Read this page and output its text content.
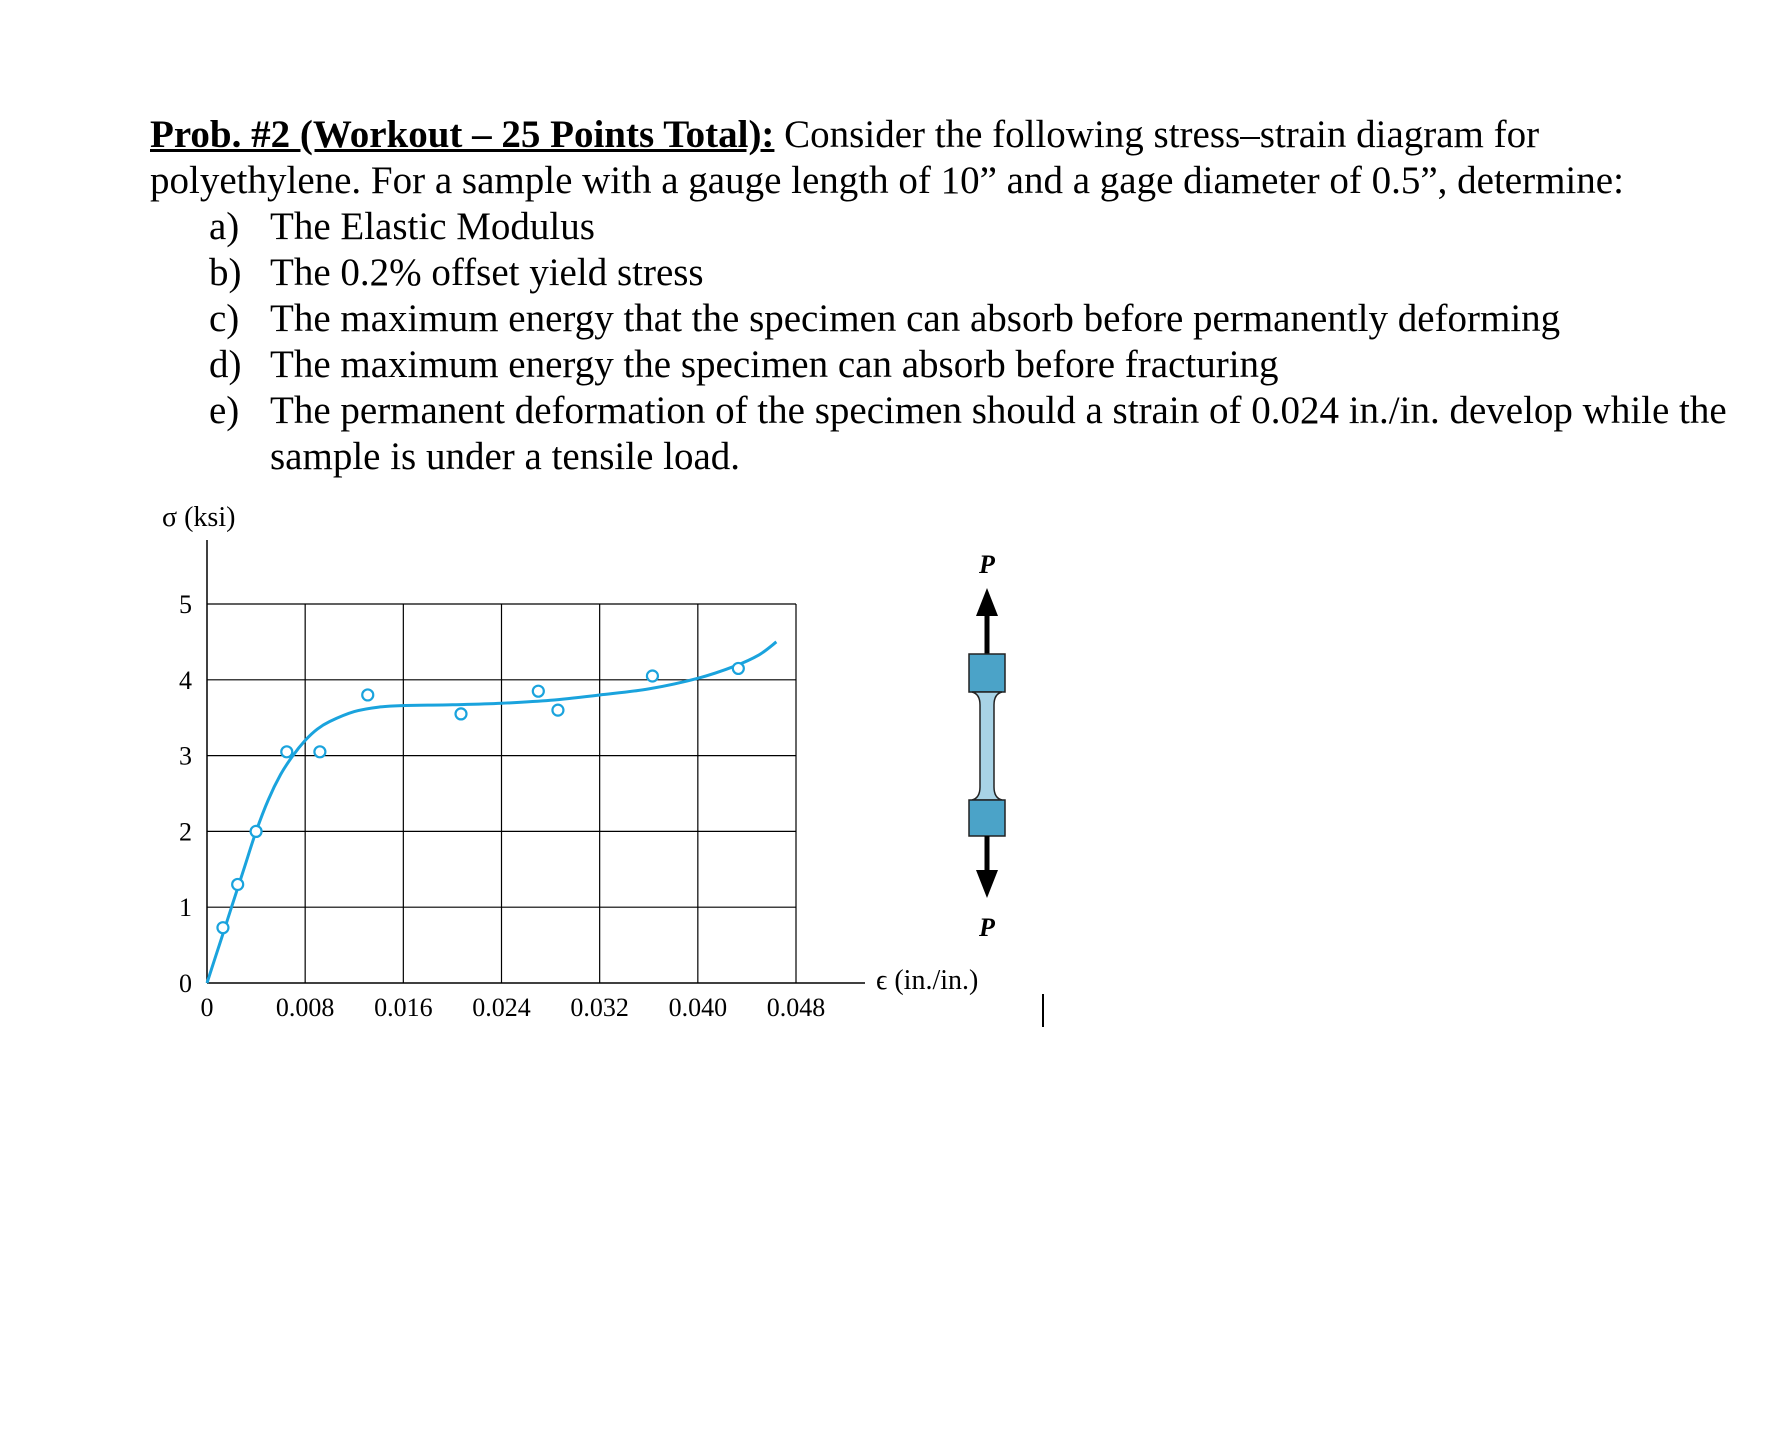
Prob. #2 (Workout – 25 Points Total): Consider the following stress–strain diagram for
polyethylene. For a sample with a gauge length of 10” and a gage diameter of 0.5”, determine:
a) The Elastic Modulus
b) The 0.2% offset yield stress
c) The maximum energy that the specimen can absorb before permanently deforming
d) The maximum energy the specimen can absorb before fracturing
e) The permanent deformation of the specimen should a strain of 0.024 in./in. develop while the sample is under a tensile load.
0
1
2
3
4
5
0 0.008 0.016 0.024 0.032 0.040 0.048
σ (ksi)
ϵ (in./in.)
P
P
